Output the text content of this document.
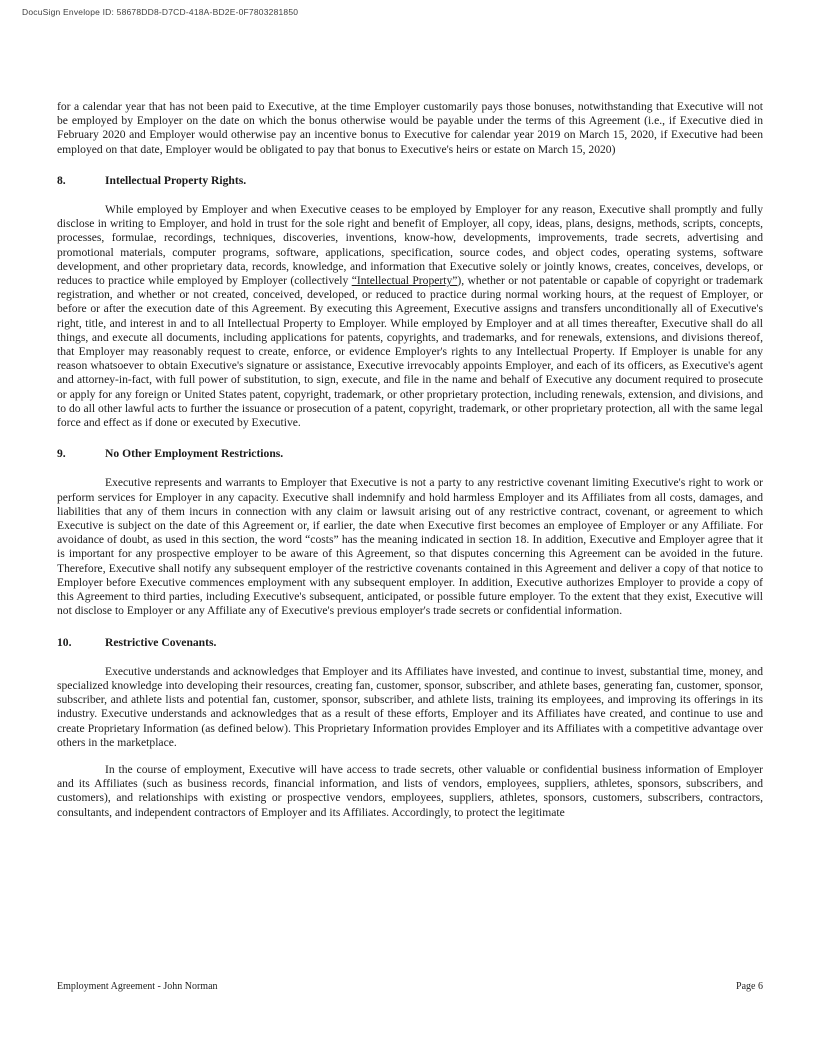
DocuSign Envelope ID: 58678DD8-D7CD-418A-BD2E-0F7803281850

for a calendar year that has not been paid to Executive, at the time Employer customarily pays those bonuses, notwithstanding that Executive will not be employed by Employer on the date on which the bonus otherwise would be payable under the terms of this Agreement (i.e., if Executive died in February 2020 and Employer would otherwise pay an incentive bonus to Executive for calendar year 2019 on March 15, 2020, if Executive had been employed on that date, Employer would be obligated to pay that bonus to Executive's heirs or estate on March 15, 2020)

8.	Intellectual Property Rights.

While employed by Employer and when Executive ceases to be employed by Employer for any reason, Executive shall promptly and fully disclose in writing to Employer, and hold in trust for the sole right and benefit of Employer, all copy, ideas, plans, designs, methods, scripts, concepts, processes, formulae, recordings, techniques, discoveries, inventions, know-how, developments, improvements, trade secrets, advertising and promotional materials, computer programs, software, applications, specification, source codes, and object codes, operating systems, software development, and other proprietary data, records, knowledge, and information that Executive solely or jointly knows, creates, conceives, develops, or reduces to practice while employed by Employer (collectively “Intellectual Property”), whether or not patentable or capable of copyright or trademark registration, and whether or not created, conceived, developed, or reduced to practice during normal working hours, at the request of Employer, or before or after the execution date of this Agreement. By executing this Agreement, Executive assigns and transfers unconditionally all of Executive's right, title, and interest in and to all Intellectual Property to Employer. While employed by Employer and at all times thereafter, Executive shall do all things, and execute all documents, including applications for patents, copyrights, and trademarks, and for renewals, extensions, and divisions thereof, that Employer may reasonably request to create, enforce, or evidence Employer's rights to any Intellectual Property. If Employer is unable for any reason whatsoever to obtain Executive's signature or assistance, Executive irrevocably appoints Employer, and each of its officers, as Executive's agent and attorney-in-fact, with full power of substitution, to sign, execute, and file in the name and behalf of Executive any document required to prosecute or apply for any foreign or United States patent, copyright, trademark, or other proprietary protection, including renewals, extension, and divisions, and to do all other lawful acts to further the issuance or prosecution of a patent, copyright, trademark, or other proprietary protection, all with the same legal force and effect as if done or executed by Executive.

9.	No Other Employment Restrictions.

Executive represents and warrants to Employer that Executive is not a party to any restrictive covenant limiting Executive's right to work or perform services for Employer in any capacity. Executive shall indemnify and hold harmless Employer and its Affiliates from all costs, damages, and liabilities that any of them incurs in connection with any claim or lawsuit arising out of any restrictive contract, covenant, or agreement to which Executive is subject on the date of this Agreement or, if earlier, the date when Executive first becomes an employee of Employer or any Affiliate. For avoidance of doubt, as used in this section, the word “costs” has the meaning indicated in section 18. In addition, Executive and Employer agree that it is important for any prospective employer to be aware of this Agreement, so that disputes concerning this Agreement can be avoided in the future. Therefore, Executive shall notify any subsequent employer of the restrictive covenants contained in this Agreement and deliver a copy of that notice to Employer before Executive commences employment with any subsequent employer. In addition, Executive authorizes Employer to provide a copy of this Agreement to third parties, including Executive's subsequent, anticipated, or possible future employer. To the extent that they exist, Executive will not disclose to Employer or any Affiliate any of Executive's previous employer's trade secrets or confidential information.

10.	Restrictive Covenants.

Executive understands and acknowledges that Employer and its Affiliates have invested, and continue to invest, substantial time, money, and specialized knowledge into developing their resources, creating fan, customer, sponsor, subscriber, and athlete bases, generating fan, customer, sponsor, subscriber, and athlete lists and potential fan, customer, sponsor, subscriber, and athlete lists, training its employees, and improving its offerings in its industry. Executive understands and acknowledges that as a result of these efforts, Employer and its Affiliates have created, and continue to use and create Proprietary Information (as defined below). This Proprietary Information provides Employer and its Affiliates with a competitive advantage over others in the marketplace.

In the course of employment, Executive will have access to trade secrets, other valuable or confidential business information of Employer and its Affiliates (such as business records, financial information, and lists of vendors, employees, suppliers, athletes, sponsors, subscribers, and customers), and relationships with existing or prospective vendors, employees, suppliers, athletes, sponsors, customers, subscribers, contractors, consultants, and independent contractors of Employer and its Affiliates. Accordingly, to protect the legitimate

Employment Agreement - John Norman	Page 6
